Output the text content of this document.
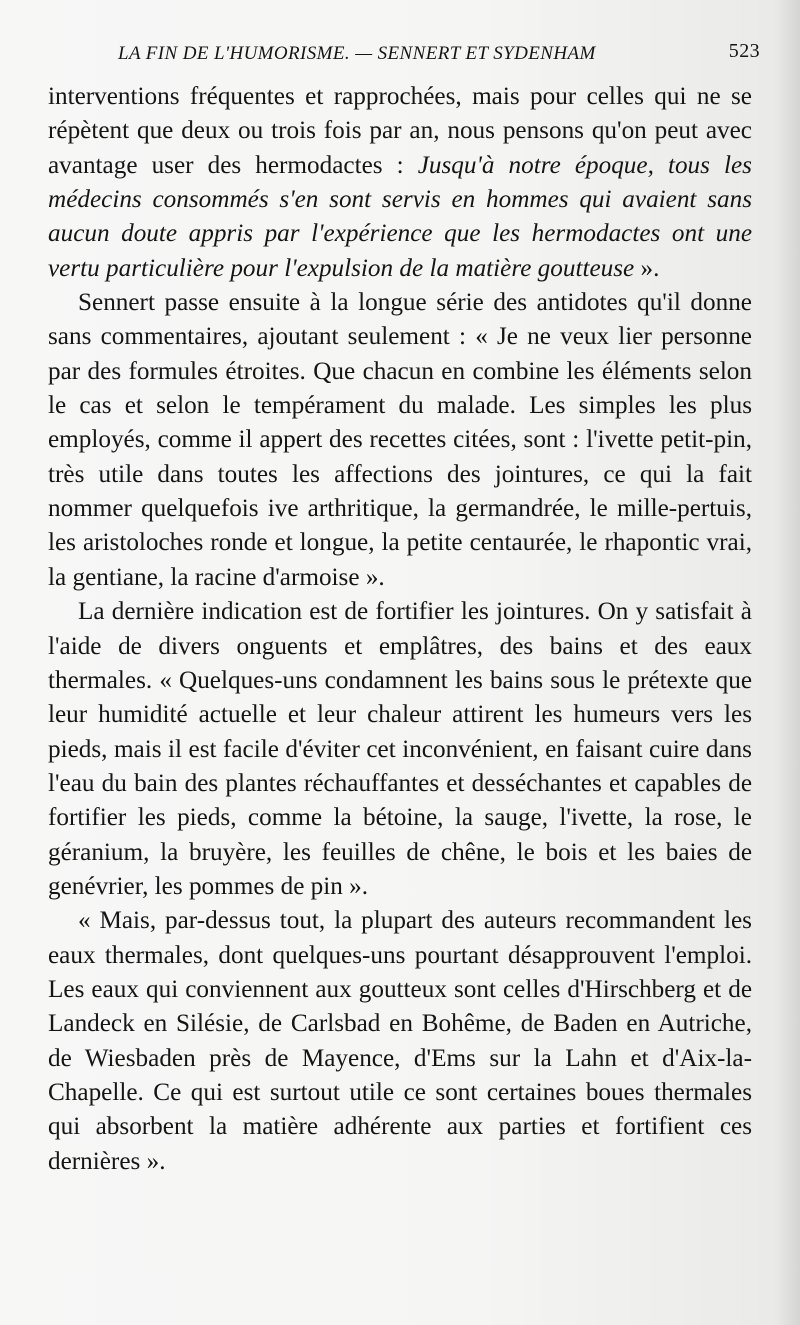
LA FIN DE L'HUMORISME. — SENNERT ET SYDENHAM	523

interventions fréquentes et rapprochées, mais pour celles qui ne se répètent que deux ou trois fois par an, nous pensons qu'on peut avec avantage user des hermodactes : Jusqu'à notre époque, tous les médecins consommés s'en sont servis en hommes qui avaient sans aucun doute appris par l'expérience que les hermodactes ont une vertu particulière pour l'expulsion de la matière goutteuse ».

Sennert passe ensuite à la longue série des antidotes qu'il donne sans commentaires, ajoutant seulement : « Je ne veux lier personne par des formules étroites. Que chacun en combine les éléments selon le cas et selon le tempérament du malade. Les simples les plus employés, comme il appert des recettes citées, sont : l'ivette petit-pin, très utile dans toutes les affections des jointures, ce qui la fait nommer quelquefois ive arthritique, la germandrée, le mille-pertuis, les aristoloches ronde et longue, la petite centaurée, le rhapontic vrai, la gentiane, la racine d'armoise ».

La dernière indication est de fortifier les jointures. On y satisfait à l'aide de divers onguents et emplâtres, des bains et des eaux thermales. « Quelques-uns condamnent les bains sous le prétexte que leur humidité actuelle et leur chaleur attirent les humeurs vers les pieds, mais il est facile d'éviter cet inconvénient, en faisant cuire dans l'eau du bain des plantes réchauffantes et desséchantes et capables de fortifier les pieds, comme la bétoine, la sauge, l'ivette, la rose, le géranium, la bruyère, les feuilles de chêne, le bois et les baies de genévrier, les pommes de pin ».

« Mais, par-dessus tout, la plupart des auteurs recommandent les eaux thermales, dont quelques-uns pourtant désapprouvent l'emploi. Les eaux qui conviennent aux goutteux sont celles d'Hirschberg et de Landeck en Silésie, de Carlsbad en Bohême, de Baden en Autriche, de Wiesbaden près de Mayence, d'Ems sur la Lahn et d'Aix-la-Chapelle. Ce qui est surtout utile ce sont certaines boues thermales qui absorbent la matière adhérente aux parties et fortifient ces dernières ».
